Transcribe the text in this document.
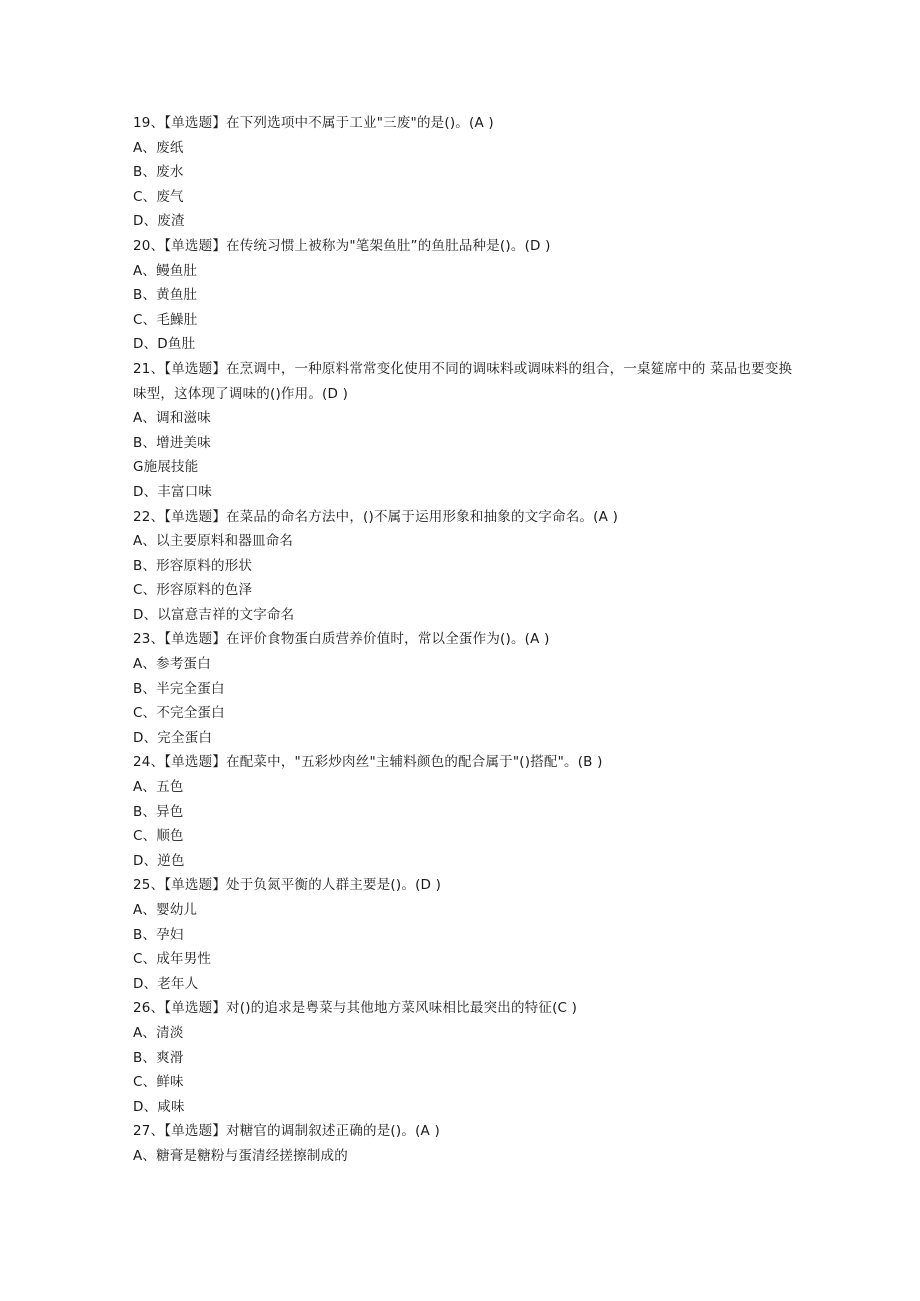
19、【单选题】在下列选项中不属于工业"三废"的是()。(A )
A、废纸
B、废水
C、废气
D、废渣
20、【单选题】在传统习惯上被称为"笔架鱼肚”的鱼肚品种是()。(D )
A、鳗鱼肚
B、黄鱼肚
C、毛鱢肚
D、D鱼肚
21、【单选题】在烹调中，一种原料常常变化使用不同的调味料或调味料的组合，一桌筵席中的 菜品也要变换味型，这体现了调味的()作用。(D )
A、调和滋味
B、增进美味
G施展技能
D、丰富口味
22、【单选题】在菜品的命名方法中，()不属于运用形象和抽象的文字命名。(A )
A、以主要原料和器皿命名
B、形容原料的形状
C、形容原料的色泽
D、以富意吉祥的文字命名
23、【单选题】在评价食物蛋白质营养价值时，常以全蛋作为()。(A )
A、参考蛋白
B、半完全蛋白
C、不完全蛋白
D、完全蛋白
24、【单选题】在配菜中，"五彩炒肉丝"主辅料颜色的配合属于"()搭配"。(B )
A、五色
B、异色
C、顺色
D、逆色
25、【单选题】处于负氮平衡的人群主要是()。(D )
A、婴幼儿
B、孕妇
C、成年男性
D、老年人
26、【单选题】对()的追求是粤菜与其他地方菜风味相比最突出的特征(C )
A、清淡
B、爽滑
C、鲜味
D、咸味
27、【单选题】对糖官的调制叙述正确的是()。(A )
A、糖膏是糖粉与蛋清经搓擦制成的
